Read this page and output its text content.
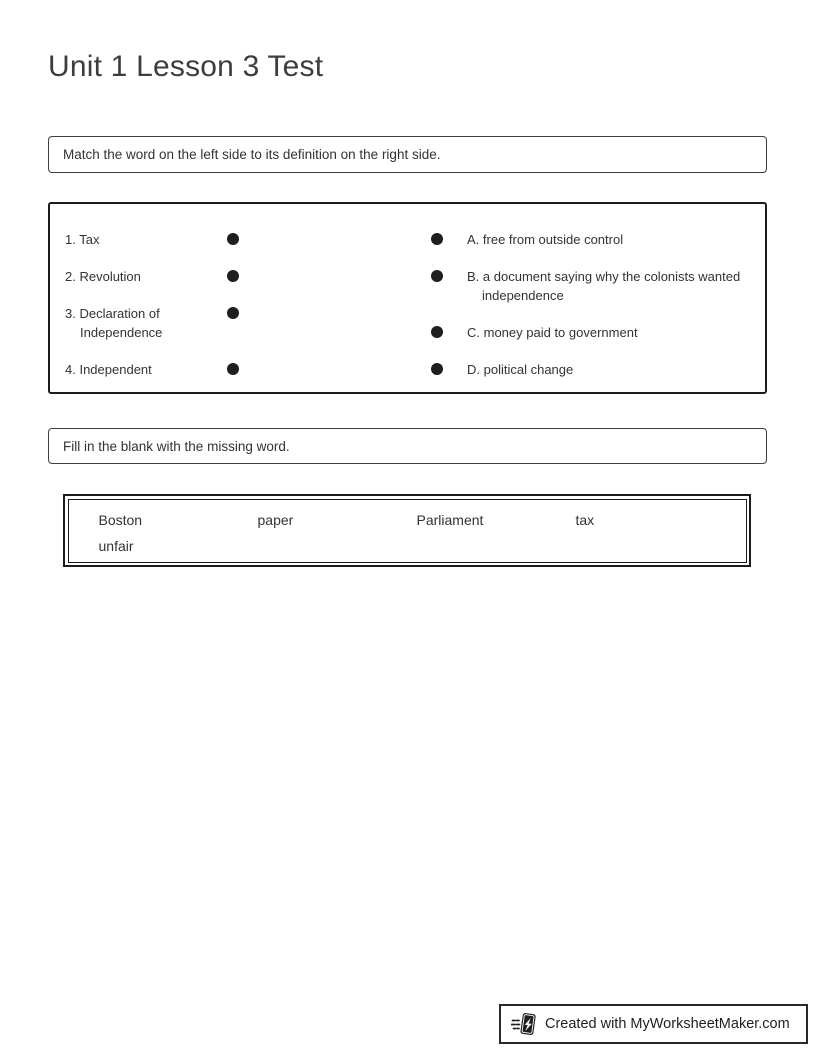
Unit 1 Lesson 3 Test
Match the word on the left side to its definition on the right side.
1. Tax
2. Revolution
3. Declaration of Independence
4. Independent
A. free from outside control
B. a document saying why the colonists wanted independence
C. money paid to government
D. political change
Fill in the blank with the missing word.
Boston	paper	Parliament	tax
unfair
Created with MyWorksheetMaker.com
